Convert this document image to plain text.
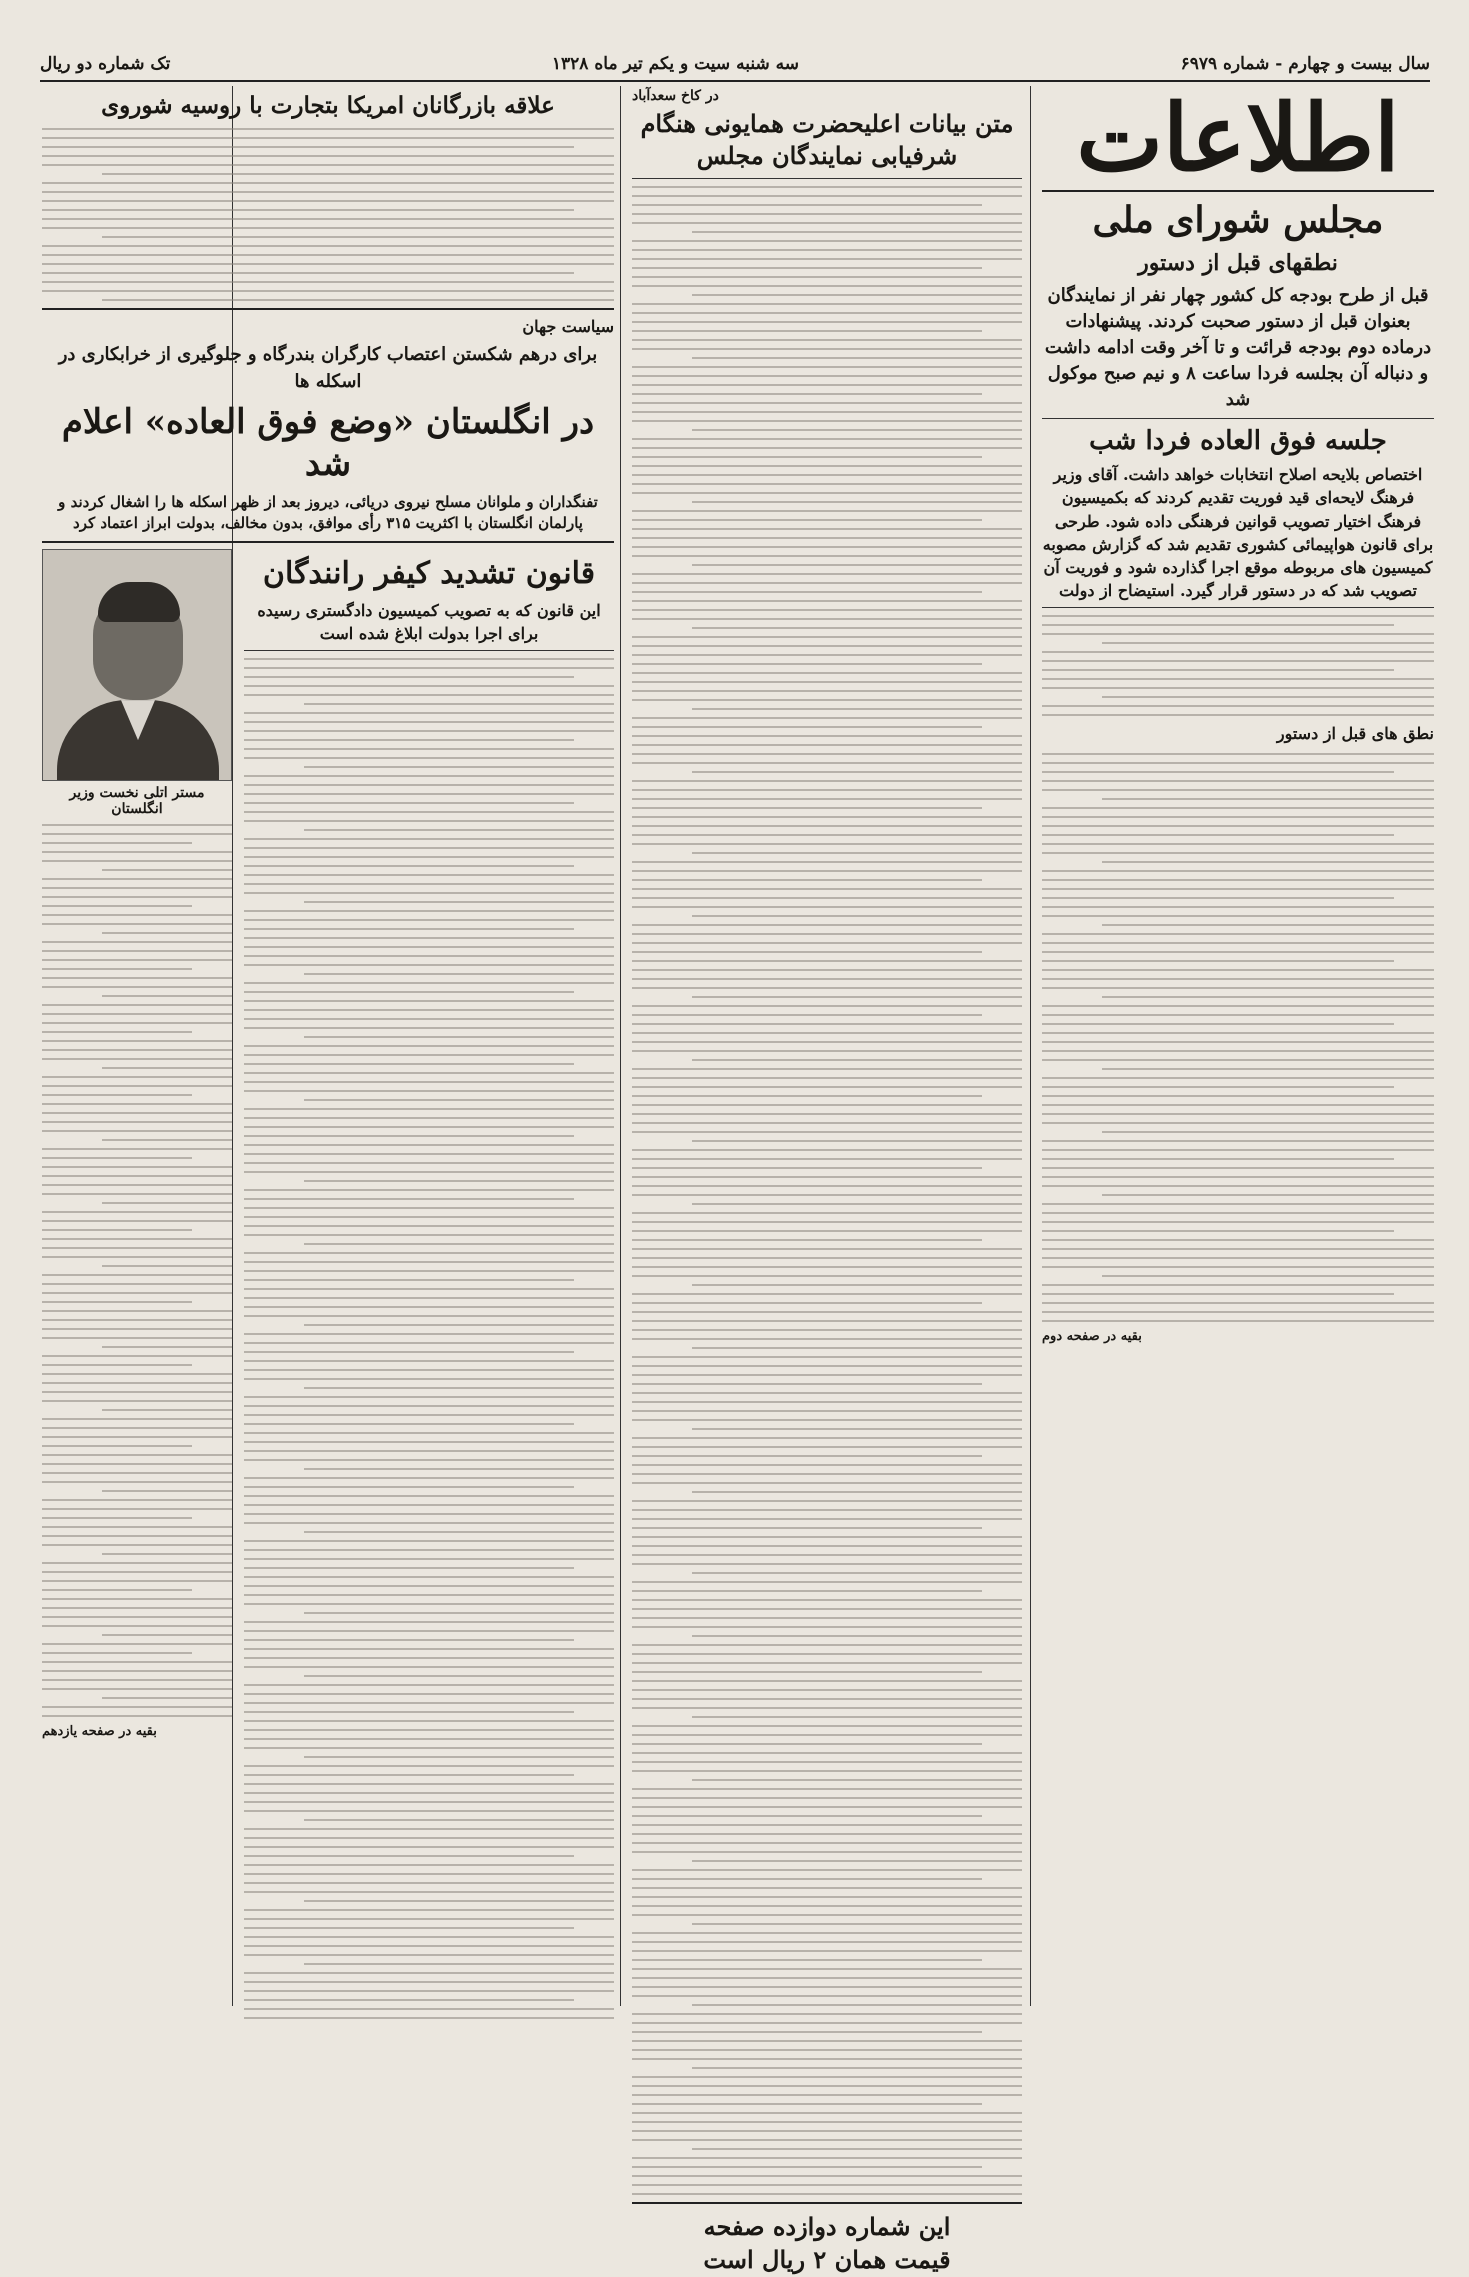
سال بیست و چهارم - شماره ۶۹۷۹
سه شنبه سیت و یکم تیر ماه ۱۳۲۸
تک شماره دو ریال
اطلاعات
مجلس شورای ملی
نطقهای قبل از دستور
قبل از طرح بودجه کل کشور چهار نفر از نمایندگان بعنوان قبل از دستور صحبت کردند. پیشنهادات درماده دوم بودجه قرائت و تا آخر وقت ادامه داشت و دنباله آن بجلسه فردا ساعت ۸ و نیم صبح موکول شد
جلسه فوق العاده فردا شب
اختصاص بلایحه اصلاح انتخابات خواهد داشت. آقای وزیر فرهنگ لایحه‌ای قید فوریت تقدیم کردند که بکمیسیون فرهنگ اختیار تصویب قوانین فرهنگی داده شود. طرحی برای قانون هواپیمائی کشوری تقدیم شد که گزارش مصوبه کمیسیون های مربوطه موقع اجرا گذارده شود و فوریت آن تصویب شد که در دستور قرار گیرد. استیضاح از دولت
نطق های قبل از دستور
بقیه در صفحه دوم
در کاخ سعدآباد
متن بیانات اعلیحضرت همایونی هنگام شرفیابی نمایندگان مجلس
این شماره دوازده صفحه
قیمت همان ۲ ریال است
علاقه بازرگانان امریکا بتجارت با روسیه شوروی
سیاست جهان
برای درهم شکستن اعتصاب کارگران بندرگاه و جلوگیری از خرابکاری در اسکله ها
در انگلستان «وضع فوق العاده» اعلام شد
تفنگداران و ملوانان مسلح نیروی دریائی، دیروز بعد از ظهر اسکله ها را اشغال کردند و پارلمان انگلستان با اکثریت ۳۱۵ رأی موافق، بدون مخالف، بدولت ابراز اعتماد کرد
قانون تشدید کیفر رانندگان
این قانون که به تصویب کمیسیون دادگستری رسیده برای اجرا بدولت ابلاغ شده است
مستر اتلی نخست وزیر انگلستان
بقیه در صفحه یازدهم
